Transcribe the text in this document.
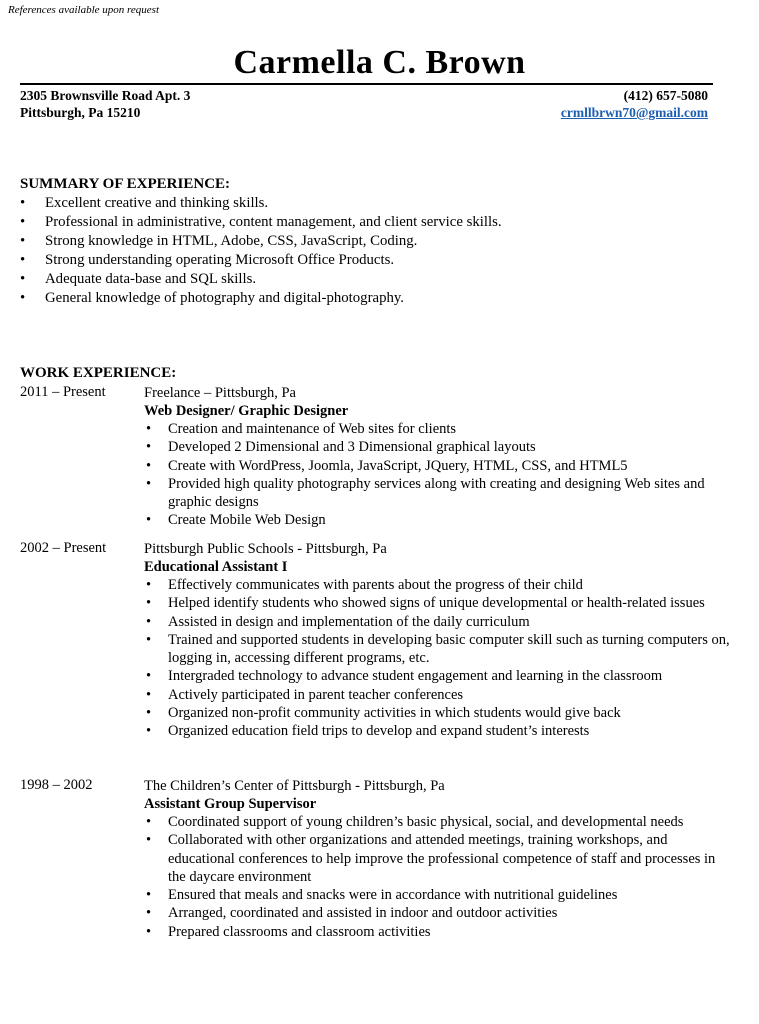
References available upon request
Carmella C. Brown
2305 Brownsville Road Apt. 3	(412) 657-5080
Pittsburgh, Pa 15210	crmllbrwn70@gmail.com
SUMMARY OF EXPERIENCE:
• Excellent creative and thinking skills.
• Professional in administrative, content management, and client service skills.
• Strong knowledge in HTML, Adobe, CSS, JavaScript, Coding.
• Strong understanding operating Microsoft Office Products.
• Adequate data-base and SQL skills.
• General knowledge of photography and digital-photography.
WORK EXPERIENCE:
2011 – Present	Freelance – Pittsburgh, Pa
Web Designer/ Graphic Designer
• Creation and maintenance of Web sites for clients
• Developed 2 Dimensional and 3 Dimensional graphical layouts
• Create with WordPress, Joomla, JavaScript, JQuery, HTML, CSS, and HTML5
• Provided high quality photography services along with creating and designing Web sites and graphic designs
• Create Mobile Web Design
2002 – Present	Pittsburgh Public Schools - Pittsburgh, Pa
Educational Assistant I
• Effectively communicates with parents about the progress of their child
• Helped identify students who showed signs of unique developmental or health-related issues
• Assisted in design and implementation of the daily curriculum
• Trained and supported students in developing basic computer skill such as turning computers on, logging in, accessing different programs, etc.
• Intergraded technology to advance student engagement and learning in the classroom
• Actively participated in parent teacher conferences
• Organized non-profit community activities in which students would give back
• Organized education field trips to develop and expand student’s interests
1998 – 2002	The Children’s Center of Pittsburgh - Pittsburgh, Pa
Assistant Group Supervisor
• Coordinated support of young children’s basic physical, social, and developmental needs
• Collaborated with other organizations and attended meetings, training workshops, and educational conferences to help improve the professional competence of staff and processes in the daycare environment
• Ensured that meals and snacks were in accordance with nutritional guidelines
• Arranged, coordinated and assisted in indoor and outdoor activities
• Prepared classrooms and classroom activities
